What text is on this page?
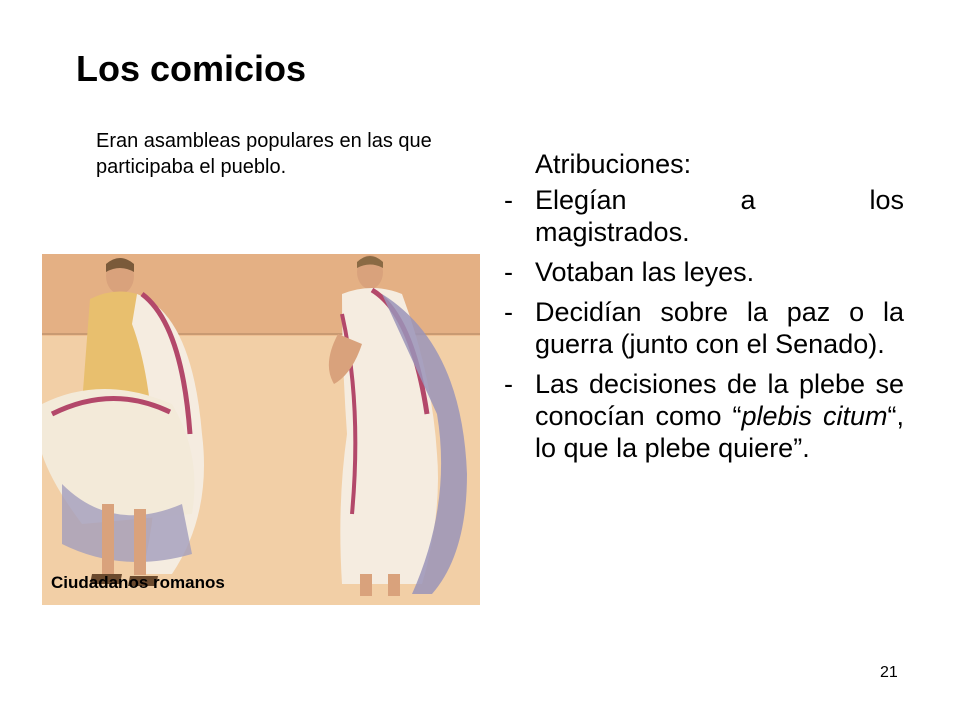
Los comicios
Eran asambleas populares en las que participaba el pueblo.	Atribuciones:
- Elegían a los
magistrados.
- Votaban las leyes.
- Decidían sobre la paz o la guerra (junto con el Senado).
- Las decisiones de la plebe se conocían como “plebis citum“, lo que la plebe quiere”.
Ciudadanos romanos
21
